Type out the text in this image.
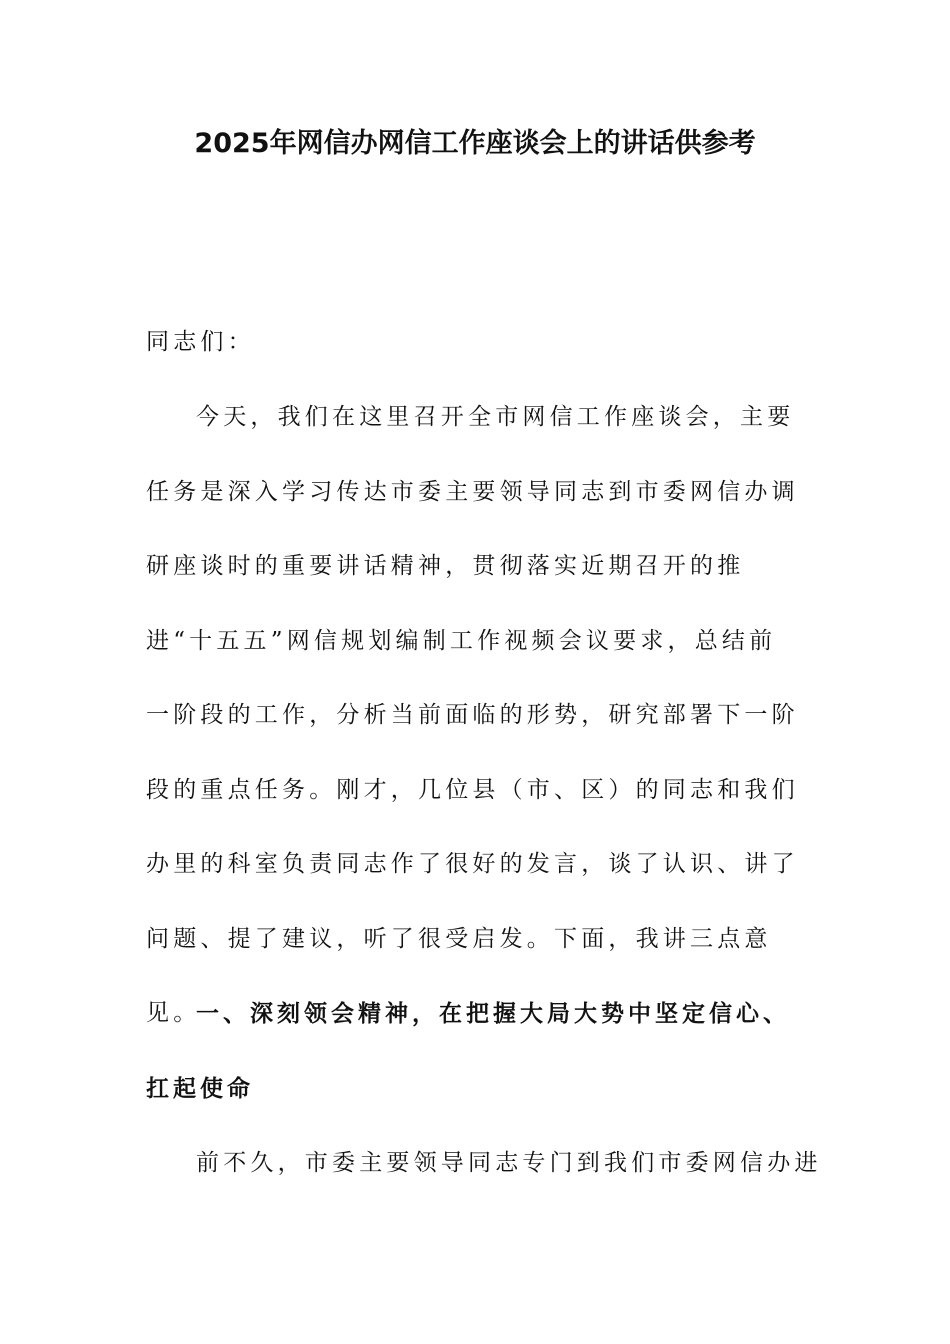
2025年网信办网信工作座谈会上的讲话供参考

同志们：

今天，我们在这里召开全市网信工作座谈会，主要任务是深入学习传达市委主要领导同志到市委网信办调研座谈时的重要讲话精神，贯彻落实近期召开的推进“十五五”网信规划编制工作视频会议要求，总结前一阶段的工作，分析当前面临的形势，研究部署下一阶段的重点任务。刚才，几位县（市、区）的同志和我们办里的科室负责同志作了很好的发言，谈了认识、讲了问题、提了建议，听了很受启发。下面，我讲三点意见。

一、深刻领会精神，在把握大局大势中坚定信心、扛起使命

前不久，市委主要领导同志专门到我们市委网信办进
